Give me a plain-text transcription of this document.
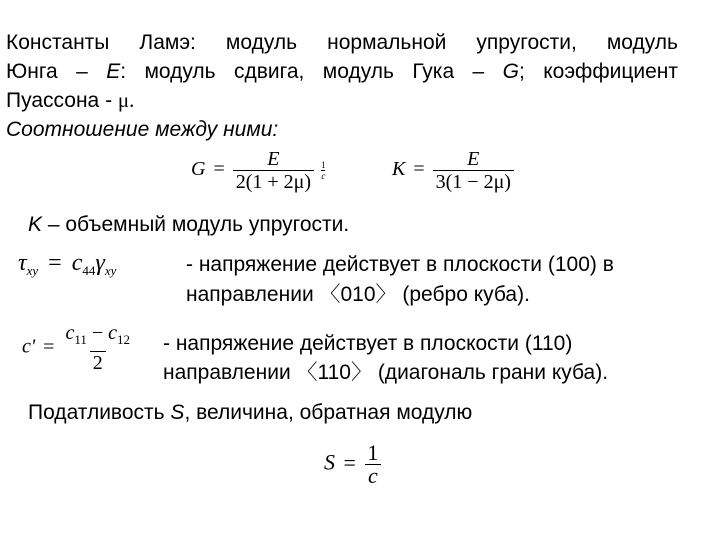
Константы Ламэ: модуль нормальной упругости, модуль
Юнга – E: модуль сдвига, модуль Гука – G; коэффициент
Пуассона - μ.
Соотношение между ними:
$G = \frac{E}{2(1 + 2\mu)}$
$\frac{1}{c}$	$K = \frac{E}{3(1 - 2\mu)}$
K – объемный модуль упругости.
$\tau_{xy} = c_{44}\gamma_{xy}$	- напряжение действует в плоскости (100) в
направлении 〈010〉 (ребро куба).
$c' = \frac{c_{11} - c_{12}}{2}$ - напряжение действует в плоскости (110)
направлении 〈110〉 (диагональ грани куба).
Податливость S, величина, обратная модулю
$S = \frac{1}{c}$
